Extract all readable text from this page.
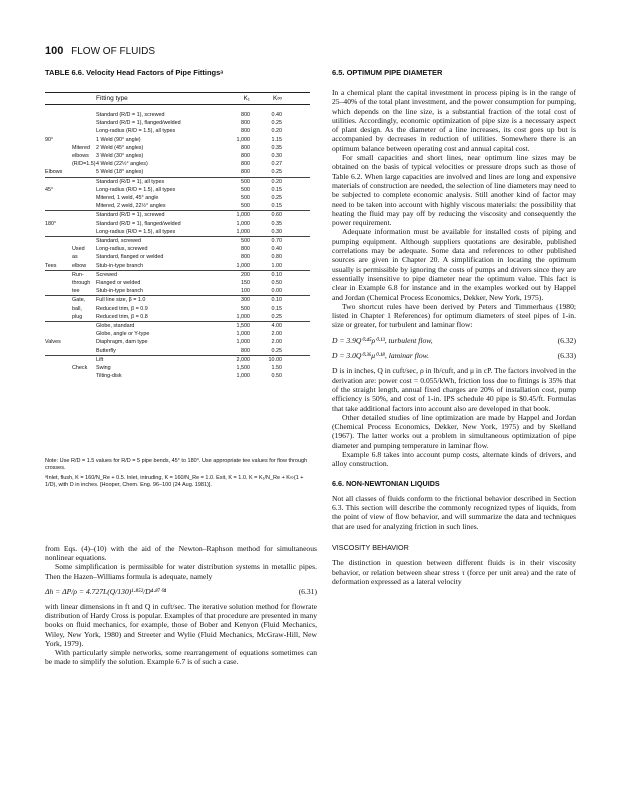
100 FLOW OF FLUIDS
TABLE 6.6. Velocity Head Factors of Pipe Fittingsᵃ
Fitting type	K₁	K∞
Standard (R/D = 1), screwed	800	0.40
Standard (R/D = 1), flanged/welded	800	0.25
Long-radius (R/D = 1.5), all types	800	0.20
90°	1 Weld (90° angle)	1,000	1.15
Mitered	2 Weld (45° angles)	800	0.35
elbows	3 Weld (30° angles)	800	0.30
(R/D=1.5) 4 Weld (22½° angles)	800	0.27
Elbows	5 Weld (18° angles)	800	0.25
Standard (R/D = 1), all types	500	0.20
45°	Long-radius (R/D = 1.5), all types	500	0.15
Mitered, 1 weld, 45° angle	500	0.25
Mitered, 2 weld, 22½° angles	500	0.15
Standard (R/D = 1), screwed	1,000	0.60
180°	Standard (R/D = 1), flanged/welded	1,000	0.35
Long-radius (R/D = 1.5), all types	1,000	0.30
Standard, screwed	500	0.70
Used	Long-radius, screwed	800	0.40
as	Standard, flanged or welded	800	0.80
Tees	elbow	Stub-in-type branch	1,000	1.00
Run-	Screwed	200	0.10
through	Flanged or welded	150	0.50
tee	Stub-in-type branch	100	0.00
Gate,	Full line size, β = 1.0	300	0.10
ball,	Reduced trim, β = 0.9	500	0.15
plug	Reduced trim, β = 0.8	1,000	0.25
Globe, standard	1,500	4.00
Globe, angle or Y-type	1,000	2.00
Valves	Diaphragm, dam type	1,000	2.00
Butterfly	800	0.25
Lift	2,000	10.00
Check	Swing	1,500	1.50
Tilting-disk	1,000	0.50

Note: Use R/D = 1.5 values for R/D = 5 pipe bends, 45° to 180°. Use appropriate tee values for flow through crosses.

ᵃInlet, flush, K = 160/N_Re + 0.5. Inlet, intruding, K = 160/N_Re = 1.0. Exit, K = 1.0. K = K₁/N_Re + K∞(1 + 1/D), with D in inches. [Hooper, Chem. Eng. 96–100 (24 Aug. 1981)].

from Eqs. (4)–(10) with the aid of the Newton–Raphson method for simultaneous nonlinear equations.

Some simplification is permissible for water distribution systems in metallic pipes. Then the Hazen–Williams formula is adequate, namely

Δh = ΔP/ρ = 4.727L(Q/130)¹·⁸⁵²/D⁴·⁸⁷⁰⁴	(6.31)

with linear dimensions in ft and Q in cuft/sec. The iterative solution method for flowrate distribution of Hardy Cross is popular. Examples of that procedure are presented in many books on fluid mechanics, for example, those of Bober and Kenyon (Fluid Mechanics, Wiley, New York, 1980) and Streeter and Wylie (Fluid Mechanics, McGraw-Hill, New York, 1979).

With particularly simple networks, some rearrangement of equations sometimes can be made to simplify the solution. Example 6.7 is of such a case.

6.5. OPTIMUM PIPE DIAMETER

In a chemical plant the capital investment in process piping is in the range of 25–40% of the total plant investment, and the power consumption for pumping, which depends on the line size, is a substantial fraction of the total cost of utilities. Accordingly, economic optimization of pipe size is a necessary aspect of plant design. As the diameter of a line increases, its cost goes up but is accompanied by decreases in reduction of utilities. Somewhere there is an optimum balance between operating cost and annual capital cost.

For small capacities and short lines, near optimum line sizes may be obtained on the basis of typical velocities or pressure drops such as those of Table 6.2. When large capacities are involved and lines are long and expensive materials of construction are needed, the selection of line diameters may need to be subjected to complete economic analysis. Still another kind of factor may need to be taken into account with highly viscous materials: the possibility that heating the fluid may pay off by reducing the viscosity and consequently the power requirement.

Adequate information must be available for installed costs of piping and pumping equipment. Although suppliers quotations are desirable, published correlations may be adequate. Some data and references to other published sources are given in Chapter 20. A simplification in locating the optimum usually is permissible by ignoring the costs of pumps and drivers since they are essentially insensitive to pipe diameter near the optimum value. This fact is clear in Example 6.8 for instance and in the examples worked out by Happel and Jordan (Chemical Process Economics, Dekker, New York, 1975).

Two shortcut rules have been derived by Peters and Timmerhaus (1980; listed in Chapter 1 References) for optimum diameters of steel pipes of 1-in. size or greater, for turbulent and laminar flow:

D = 3.9Q⁰·⁴⁵ρ⁰·¹³, turbulent flow,	(6.32)
D = 3.0Q⁰·³⁶μ⁰·¹⁸, laminar flow.	(6.33)

D is in inches, Q in cuft/sec, ρ in lb/cuft, and μ in cP. The factors involved in the derivation are: power cost = 0.055/kWh, friction loss due to fittings is 35% that of the straight length, annual fixed charges are 20% of installation cost, pump efficiency is 50%, and cost of 1-in. IPS schedule 40 pipe is $0.45/ft. Formulas that take additional factors into account also are developed in that book.

Other detailed studies of line optimization are made by Happel and Jordan (Chemical Process Economics, Dekker, New York, 1975) and by Skelland (1967). The latter works out a problem in simultaneous optimization of pipe diameter and pumping temperature in laminar flow.

Example 6.8 takes into account pump costs, alternate kinds of drivers, and alloy construction.

6.6. NON-NEWTONIAN LIQUIDS

Not all classes of fluids conform to the frictional behavior described in Section 6.3. This section will describe the commonly recognized types of liquids, from the point of view of flow behavior, and will summarize the data and techniques that are used for analyzing friction in such lines.

VISCOSITY BEHAVIOR

The distinction in question between different fluids is in their viscosity behavior, or relation between shear stress τ (force per unit area) and the rate of deformation expressed as a lateral velocity
